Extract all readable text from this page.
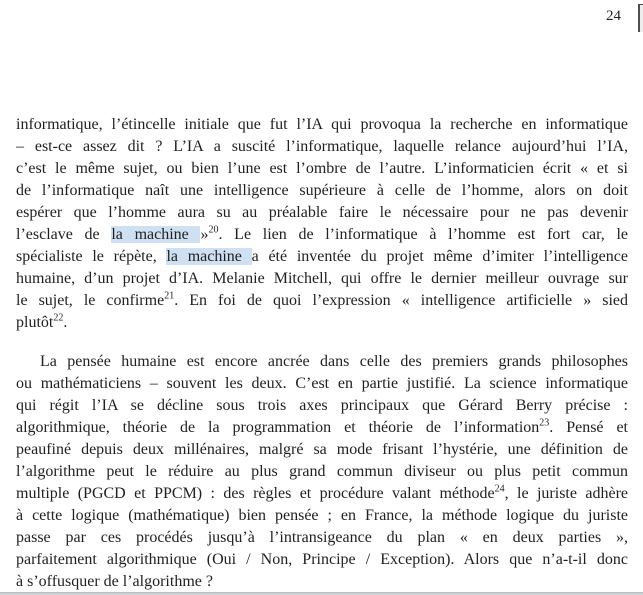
24
informatique, l’étincelle initiale que fut l’IA qui provoqua la recherche en informatique
– est-ce assez dit ? L’IA a suscité l’informatique, laquelle relance aujourd’hui l’IA,
c’est le même sujet, ou bien l’une est l’ombre de l’autre. L’informaticien écrit « et si
de l’informatique naît une intelligence supérieure à celle de l’homme, alors on doit
espérer que l’homme aura su au préalable faire le nécessaire pour ne pas devenir
l’esclave de la machine »$^{20}$. Le lien de l’informatique à l’homme est fort car, le
spécialiste le répète, la machine a été inventée du projet même d’imiter l’intelligence
humaine, d’un projet d’IA. Melanie Mitchell, qui offre le dernier meilleur ouvrage sur
le sujet, le confirme$^{21}$. En foi de quoi l’expression « intelligence artificielle » sied
plutôt$^{22}$.
La pensée humaine est encore ancrée dans celle des premiers grands philosophes
ou mathématiciens – souvent les deux. C’est en partie justifié. La science informatique
qui régit l’IA se décline sous trois axes principaux que Gérard Berry précise :
algorithmique, théorie de la programmation et théorie de l’information$^{23}$. Pensé et
peaufiné depuis deux millénaires, malgré sa mode frisant l’hystérie, une définition de
l’algorithme peut le réduire au plus grand commun diviseur ou plus petit commun
multiple (PGCD et PPCM) : des règles et procédure valant méthode$^{24}$, le juriste adhère
à cette logique (mathématique) bien pensée ; en France, la méthode logique du juriste
passe par ces procédés jusqu’à l’intransigeance du plan « en deux parties »,
parfaitement algorithmique (Oui / Non, Principe / Exception). Alors que n’a-t-il donc
à s’offusquer de l’algorithme ?
